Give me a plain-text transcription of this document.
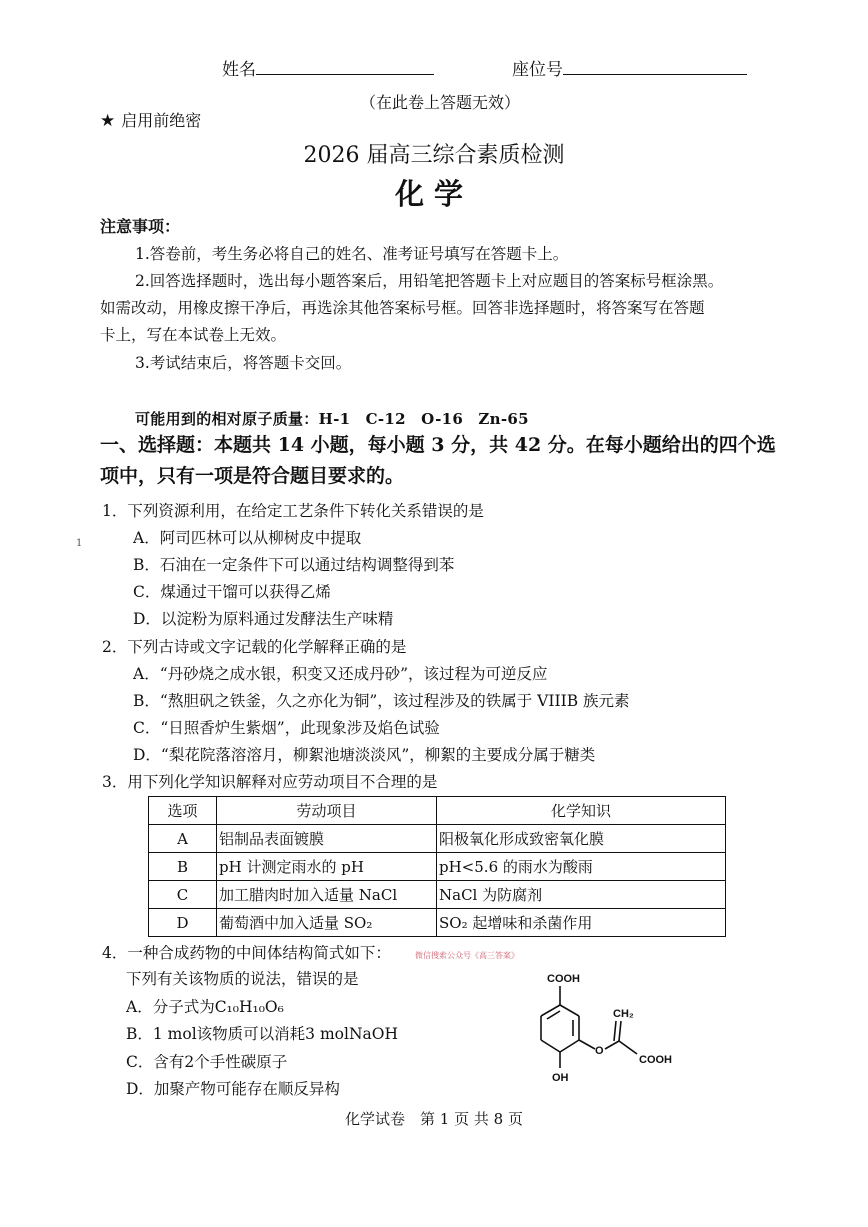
姓名	座位号
（在此卷上答题无效）
★ 启用前绝密
2026 届高三综合素质检测
化学
注意事项：
1.答卷前，考生务必将自己的姓名、准考证号填写在答题卡上。
2.回答选择题时，选出每小题答案后，用铅笔把答题卡上对应题目的答案标号框涂黑。
如需改动，用橡皮擦干净后，再选涂其他答案标号框。回答非选择题时，将答案写在答题
卡上，写在本试卷上无效。
3.考试结束后，将答题卡交回。
可能用到的相对原子质量：H-1　C-12　O-16　Zn-65
一、选择题：本题共 14 小题，每小题 3 分，共 42 分。在每小题给出的四个选项中，只有一项是符合题目要求的。
1
1．下列资源利用，在给定工艺条件下转化关系错误的是
A．阿司匹林可以从柳树皮中提取
B．石油在一定条件下可以通过结构调整得到苯
C．煤通过干馏可以获得乙烯
D．以淀粉为原料通过发酵法生产味精
2．下列古诗或文字记载的化学解释正确的是
A．“丹砂烧之成水银，积变又还成丹砂”，该过程为可逆反应
B．“熬胆矾之铁釜，久之亦化为铜”，该过程涉及的铁属于 VIIIB 族元素
C．“日照香炉生紫烟”，此现象涉及焰色试验
D．“梨花院落溶溶月，柳絮池塘淡淡风”，柳絮的主要成分属于糖类
3．用下列化学知识解释对应劳动项目不合理的是
选项	劳动项目	化学知识
A	铝制品表面镀膜	阳极氧化形成致密氧化膜
B	pH 计测定雨水的 pH	pH<5.6 的雨水为酸雨
C	加工腊肉时加入适量 NaCl	NaCl 为防腐剂
D	葡萄酒中加入适量 SO₂	SO₂ 起增味和杀菌作用
4．一种合成药物的中间体结构简式如下：	微信搜索公众号《高三答案》
下列有关该物质的说法，错误的是
A．分子式为C₁₀H₁₀O₆
B．1 mol该物质可以消耗3 molNaOH
C．含有2个手性碳原子
D．加聚产物可能存在顺反异构
COOH
CH₂
O
COOH
OH
化学试卷　第 1 页 共 8 页
